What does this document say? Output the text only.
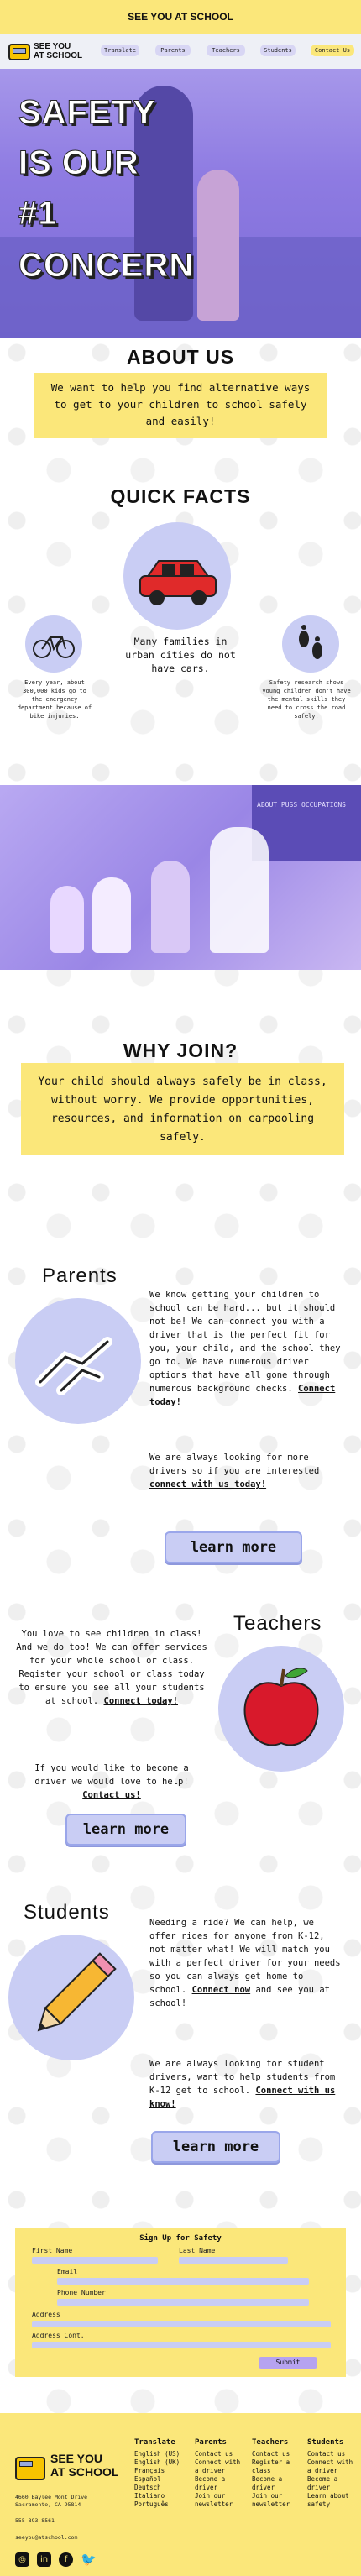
SEE YOU AT SCHOOL
SEE YOU
AT SCHOOL
Translate	Parents	Teachers	Students	Contact Us
SAFETY
IS OUR
#1
CONCERN
ABOUT US
We want to help you find alternative ways to get to your children to school safely and easily!
QUICK FACTS
Many families in urban cities do not have cars.
Every year, about 300,000 kids go to the emergency department because of bike injuries.
Safety research shows young children don't have the mental skills they need to cross the road safely.
ABOUT PUSS OCCUPATIONS
WHY JOIN?
Your child should always safely be in class, without worry. We provide opportunities, resources, and information on carpooling safely.
Parents
We know getting your children to school can be hard... but it should not be! We can connect you with a driver that is the perfect fit for you, your child, and the school they go to. We have numerous driver options that have all gone through numerous background checks. Connect today!
We are always looking for more drivers so if you are interested connect with us today!
learn more
Teachers
You love to see children in class! And we do too! We can offer services for your whole school or class. Register your school or class today to ensure you see all your students at school. Connect today!
If you would like to become a driver we would love to help! Contact us!
learn more
Students	Needing a ride? We can help, we offer rides for anyone from K-12, not matter what! We will match you with a perfect driver for your needs so you can always get home to school. Connect now and see you at school!
We are always looking for student drivers, want to help students from K-12 get to school. Connect with us know!
learn more
Sign Up for Safety
First Name	Last Name
Email
Phone Number
Address
Address Cont.
Submit
SEE YOU
AT SCHOOL
4660 Baylee Mont Drive Sacramento, CA 95814
555-893-8561
seeyou@atschool.com
Translate
English (US)
English (UK)
Français
Español
Deutsch
Italiano
Português
Parents
Contact us
Connect with a driver
Become a driver
Join our newsletter
Teachers
Contact us
Register a class
Become a driver
Join our newsletter
Students
Contact us
Connect with a driver
Become a driver
Learn about safety
◎	in	f	🐦
